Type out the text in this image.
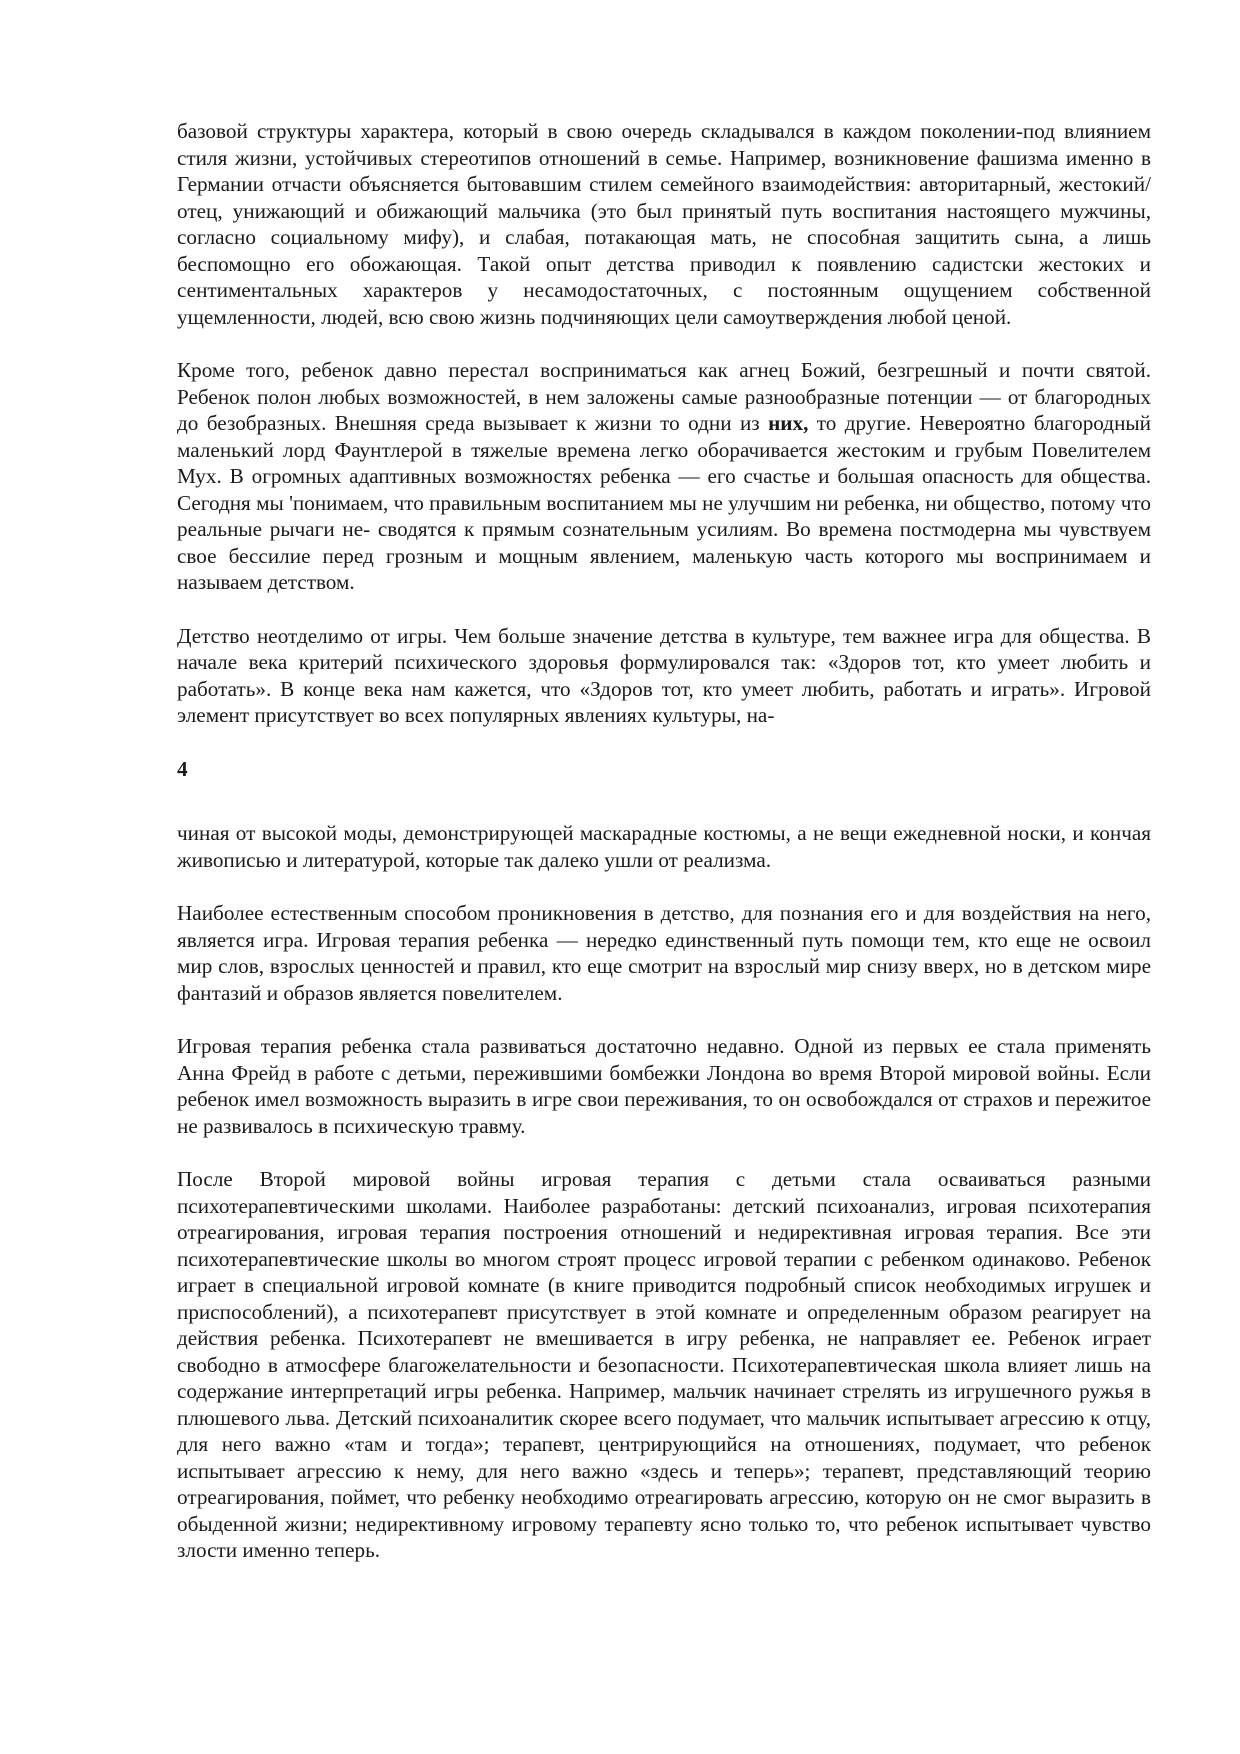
базовой структуры характера, который в свою очередь складывался в каждом поколении-под влиянием стиля жизни, устойчивых стереотипов отношений в семье. Например, возникновение фашизма именно в Германии отчасти объясняется бытовавшим стилем семейного взаимодействия: авторитарный, жестокий/ отец, унижающий и обижающий мальчика (это был принятый путь воспитания настоящего мужчины, согласно социальному мифу), и слабая, потакающая мать, не способная защитить сына, а лишь беспомощно его обожающая. Такой опыт детства приводил к появлению садистски жестоких и сентиментальных характеров у несамодостаточных, с постоянным ощущением собственной ущемленности, людей, всю свою жизнь подчиняющих цели самоутверждения любой ценой.

Кроме того, ребенок давно перестал восприниматься как агнец Божий, безгрешный и почти святой. Ребенок полон любых возможностей, в нем заложены самые разнообразные потенции — от благородных до безобразных. Внешняя среда вызывает к жизни то одни из них, то другие. Невероятно благородный маленький лорд Фаунтлерой в тяжелые времена легко оборачивается жестоким и грубым Повелителем Мух. В огромных адаптивных возможностях ребенка — его счастье и большая опасность для общества. Сегодня мы 'понимаем, что правильным воспитанием мы не улучшим ни ребенка, ни общество, потому что реальные рычаги не- сводятся к прямым сознательным усилиям. Во времена постмодерна мы чувствуем свое бессилие перед грозным и мощным явлением, маленькую часть которого мы воспринимаем и называем детством.

Детство неотделимо от игры. Чем больше значение детства в культуре, тем важнее игра для общества. В начале века критерий психического здоровья формулировался так: «Здоров тот, кто умеет любить и работать». В конце века нам кажется, что «Здоров тот, кто умеет любить, работать и играть». Игровой элемент присутствует во всех популярных явлениях культуры, на-

4

чиная от высокой моды, демонстрирующей маскарадные костюмы, а не вещи ежедневной носки, и кончая живописью и литературой, которые так далеко ушли от реализма.

Наиболее естественным способом проникновения в детство, для познания его и для воздействия на него, является игра. Игровая терапия ребенка — нередко единственный путь помощи тем, кто еще не освоил мир слов, взрослых ценностей и правил, кто еще смотрит на взрослый мир снизу вверх, но в детском мире фантазий и образов является повелителем.

Игровая терапия ребенка стала развиваться достаточно недавно. Одной из первых ее стала применять Анна Фрейд в работе с детьми, пережившими бомбежки Лондона во время Второй мировой войны. Если ребенок имел возможность выразить в игре свои переживания, то он освобождался от страхов и пережитое не развивалось в психическую травму.

После Второй мировой войны игровая терапия с детьми стала осваиваться разными психотерапевтическими школами. Наиболее разработаны: детский психоанализ, игровая психотерапия отреагирования, игровая терапия построения отношений и недирективная игровая терапия. Все эти психотерапевтические школы во многом строят процесс игровой терапии с ребенком одинаково. Ребенок играет в специальной игровой комнате (в книге приводится подробный список необходимых игрушек и приспособлений), а психотерапевт присутствует в этой комнате и определенным образом реагирует на действия ребенка. Психотерапевт не вмешивается в игру ребенка, не направляет ее. Ребенок играет свободно в атмосфере благожелательности и безопасности. Психотерапевтическая школа влияет лишь на содержание интерпретаций игры ребенка. Например, мальчик начинает стрелять из игрушечного ружья в плюшевого льва. Детский психоаналитик скорее всего подумает, что мальчик испытывает агрессию к отцу, для него важно «там и тогда»; терапевт, центрирующийся на отношениях, подумает, что ребенок испытывает агрессию к нему, для него важно «здесь и теперь»; терапевт, представляющий теорию отреагирования, поймет, что ребенку необходимо отреагировать агрессию, которую он не смог выразить в обыденной жизни; недирективному игровому терапевту ясно только то, что ребенок испытывает чувство злости именно теперь.
